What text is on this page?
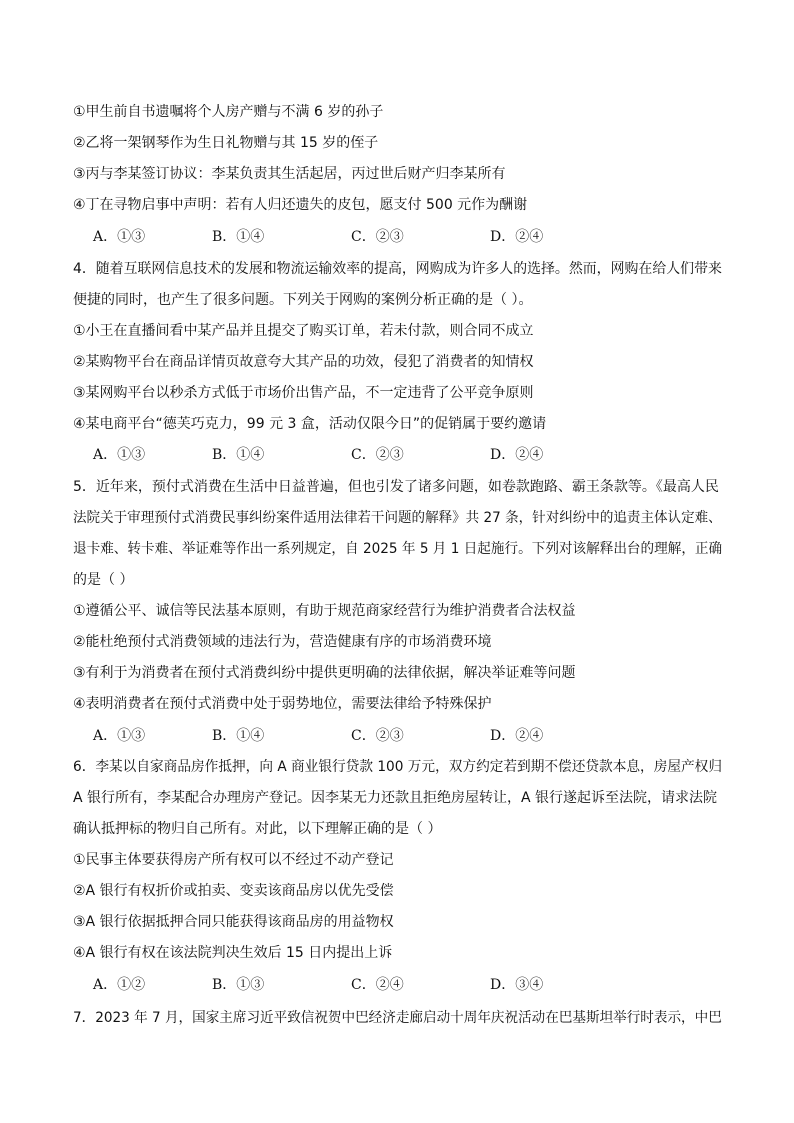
①甲生前自书遗嘱将个人房产赠与不满 6 岁的孙子
②乙将一架钢琴作为生日礼物赠与其 15 岁的侄子
③丙与李某签订协议：李某负责其生活起居，丙过世后财产归李某所有
④丁在寻物启事中声明：若有人归还遗失的皮包，愿支付 500 元作为酬谢
A．①③	B．①④	C．②③	D．②④
4．随着互联网信息技术的发展和物流运输效率的提高，网购成为许多人的选择。然而，网购在给人们带来
便捷的同时，也产生了很多问题。下列关于网购的案例分析正确的是（ ）。
①小王在直播间看中某产品并且提交了购买订单，若未付款，则合同不成立
②某购物平台在商品详情页故意夸大其产品的功效，侵犯了消费者的知情权
③某网购平台以秒杀方式低于市场价出售产品，不一定违背了公平竞争原则
④某电商平台“德芙巧克力，99 元 3 盒，活动仅限今日”的促销属于要约邀请
A．①③	B．①④	C．②③	D．②④
5．近年来，预付式消费在生活中日益普遍，但也引发了诸多问题，如卷款跑路、霸王条款等。《最高人民
法院关于审理预付式消费民事纠纷案件适用法律若干问题的解释》共 27 条，针对纠纷中的追责主体认定难、
退卡难、转卡难、举证难等作出一系列规定，自 2025 年 5 月 1 日起施行。下列对该解释出台的理解，正确
的是（ ）
①遵循公平、诚信等民法基本原则，有助于规范商家经营行为维护消费者合法权益
②能杜绝预付式消费领域的违法行为，营造健康有序的市场消费环境
③有利于为消费者在预付式消费纠纷中提供更明确的法律依据，解决举证难等问题
④表明消费者在预付式消费中处于弱势地位，需要法律给予特殊保护
A．①③	B．①④	C．②③	D．②④
6．李某以自家商品房作抵押，向 A 商业银行贷款 100 万元，双方约定若到期不偿还贷款本息，房屋产权归
A 银行所有，李某配合办理房产登记。因李某无力还款且拒绝房屋转让，A 银行遂起诉至法院，请求法院
确认抵押标的物归自己所有。对此，以下理解正确的是（ ）
①民事主体要获得房产所有权可以不经过不动产登记
②A 银行有权折价或拍卖、变卖该商品房以优先受偿
③A 银行依据抵押合同只能获得该商品房的用益物权
④A 银行有权在该法院判决生效后 15 日内提出上诉
A．①②	B．①③	C．②④	D．③④
7．2023 年 7 月，国家主席习近平致信祝贺中巴经济走廊启动十周年庆祝活动在巴基斯坦举行时表示，中巴
